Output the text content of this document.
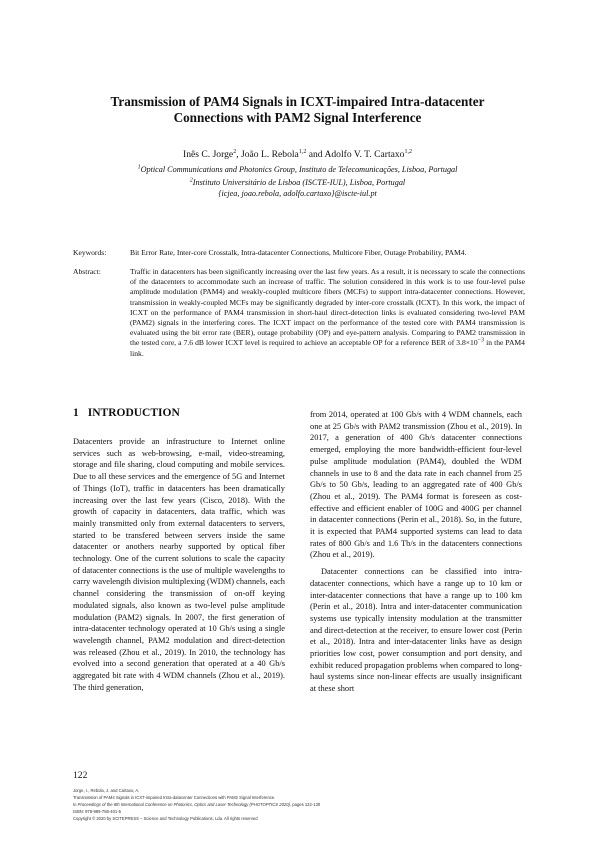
Transmission of PAM4 Signals in ICXT-impaired Intra-datacenter
Connections with PAM2 Signal Interference
Inês C. Jorge$^2$, João L. Rebola$^{1,2}$ and Adolfo V. T. Cartaxo$^{1,2}$
$^1$Optical Communications and Photonics Group, Instituto de Telecomunicações, Lisboa, Portugal
$^2$Instituto Universitário de Lisboa (ISCTE-IUL), Lisboa, Portugal
{icjea, joao.rebola, adolfo.cartaxo}@iscte-iul.pt
Keywords:	Bit Error Rate, Inter-core Crosstalk, Intra-datacenter Connections, Multicore Fiber, Outage Probability, PAM4.
Abstract:	Traffic in datacenters has been significantly increasing over the last few years. As a result, it is necessary to scale the connections of the datacenters to accommodate such an increase of traffic. The solution considered in this work is to use four-level pulse amplitude modulation (PAM4) and weakly-coupled multicore fibers (MCFs) to support intra-datacenter connections. However, transmission in weakly-coupled MCFs may be significantly degraded by inter-core crosstalk (ICXT). In this work, the impact of ICXT on the performance of PAM4 transmission in short-haul direct-detection links is evaluated considering two-level PAM (PAM2) signals in the interfering cores. The ICXT impact on the performance of the tested core with PAM4 transmission is evaluated using the bit error rate (BER), outage probability (OP) and eye-pattern analysis. Comparing to PAM2 transmission in the tested core, a 7.6 dB lower ICXT level is required to achieve an acceptable OP for a reference BER of $3.8\times 10^{-3}$ in the PAM4 link.
1 INTRODUCTION

Datacenters provide an infrastructure to Internet online services such as web-browsing, e-mail, video-streaming, storage and file sharing, cloud computing and mobile services. Due to all these services and the emergence of 5G and Internet of Things (IoT), traffic in datacenters has been dramatically increasing over the last few years (Cisco, 2018). With the growth of capacity in datacenters, data traffic, which was mainly transmitted only from external datacenters to servers, started to be transfered between servers inside the same datacenter or anothers nearby supported by optical fiber technology. One of the current solutions to scale the capacity of datacenter connections is the use of multiple wavelengths to carry wavelength division multiplexing (WDM) channels, each channel considering the transmission of on-off keying modulated signals, also known as two-level pulse amplitude modulation (PAM2) signals. In 2007, the first generation of intra-datacenter technology operated at 10 Gb/s using a single wavelength channel, PAM2 modulation and direct-detection was released (Zhou et al., 2019). In 2010, the technology has evolved into a second generation that operated at a 40 Gb/s aggregated bit rate with 4 WDM channels (Zhou et al., 2019). The third generation,

from 2014, operated at 100 Gb/s with 4 WDM channels, each one at 25 Gb/s with PAM2 transmission (Zhou et al., 2019). In 2017, a generation of 400 Gb/s datacenter connections emerged, employing the more bandwidth-efficient four-level pulse amplitude modulation (PAM4), doubled the WDM channels in use to 8 and the data rate in each channel from 25 Gb/s to 50 Gb/s, leading to an aggregated rate of 400 Gb/s (Zhou et al., 2019). The PAM4 format is foreseen as cost-effective and efficient enabler of 100G and 400G per channel in datacenter connections (Perin et al., 2018). So, in the future, it is expected that PAM4 supported systems can lead to data rates of 800 Gb/s and 1.6 Tb/s in the datacenters connections (Zhou et al., 2019).

Datacenter connections can be classified into intra-datacenter connections, which have a range up to 10 km or inter-datacenter connections that have a range up to 100 km (Perin et al., 2018). Intra and inter-datacenter communication systems use typically intensity modulation at the transmitter and direct-detection at the receiver, to ensure lower cost (Perin et al., 2018). Intra and inter-datacenter links have as design priorities low cost, power consumption and port density, and exhibit reduced propagation problems when compared to long-haul systems since non-linear effects are usually insignificant at these short

122
Jorge, I., Rebola, J. and Cartaxo, A.
Transmission of PAM4 Signals in ICXT-impaired Intra-datacenter Connections with PAM2 Signal Interference.
In Proceedings of the 8th International Conference on Photonics, Optics and Laser Technology (PHOTOPTICS 2020), pages 122-130
ISBN: 978-989-758-401-5
Copyright © 2020 by SCITEPRESS – Science and Technology Publications, Lda. All rights reserved
